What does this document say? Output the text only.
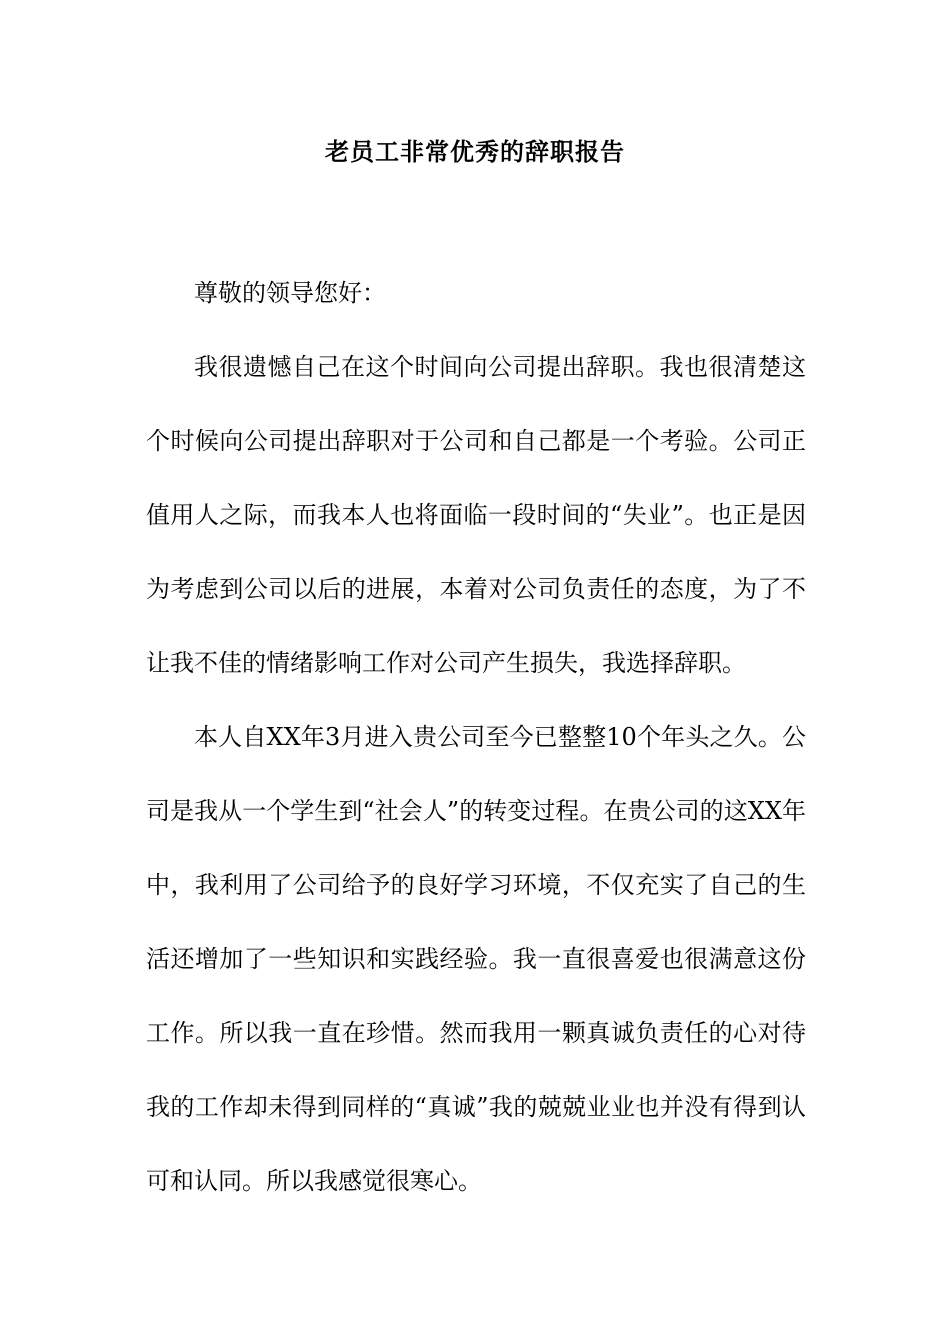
老员工非常优秀的辞职报告

尊敬的领导您好：

我很遗憾自己在这个时间向公司提出辞职。我也很清楚这个时候向公司提出辞职对于公司和自己都是一个考验。公司正值用人之际，而我本人也将面临一段时间的“失业”。也正是因为考虑到公司以后的进展，本着对公司负责任的态度，为了不让我不佳的情绪影响工作对公司产生损失，我选择辞职。

本人自XX年3月进入贵公司至今已整整10个年头之久。公司是我从一个学生到“社会人”的转变过程。在贵公司的这XX年中，我利用了公司给予的良好学习环境，不仅充实了自己的生活还增加了一些知识和实践经验。我一直很喜爱也很满意这份工作。所以我一直在珍惜。然而我用一颗真诚负责任的心对待我的工作却未得到同样的“真诚”我的兢兢业业也并没有得到认可和认同。所以我感觉很寒心。
